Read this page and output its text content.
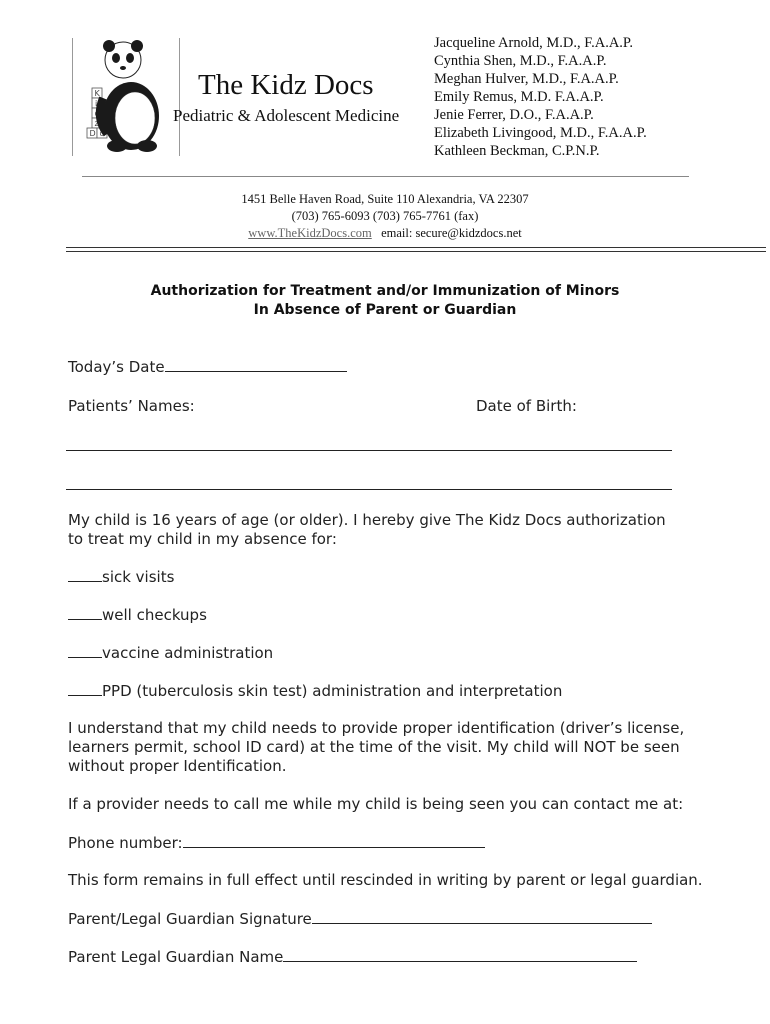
K
i
d
z
D o
The Kidz Docs
Pediatric & Adolescent Medicine
Jacqueline Arnold, M.D., F.A.A.P.
Cynthia Shen, M.D., F.A.A.P.
Meghan Hulver, M.D., F.A.A.P.
Emily Remus, M.D. F.A.A.P.
Jenie Ferrer, D.O., F.A.A.P.
Elizabeth Livingood, M.D., F.A.A.P.
Kathleen Beckman, C.P.N.P.
1451 Belle Haven Road, Suite 110 Alexandria, VA 22307
(703) 765-6093 (703) 765-7761 (fax)
www.TheKidzDocs.com email: secure@kidzdocs.net
Authorization for Treatment and/or Immunization of Minors
In Absence of Parent or Guardian
Today’s Date
Patients’ Names:	Date of Birth:
My child is 16 years of age (or older). I hereby give The Kidz Docs authorization to treat my child in my absence for:
sick visits
well checkups
vaccine administration
PPD (tuberculosis skin test) administration and interpretation
I understand that my child needs to provide proper identification (driver’s license, learners permit, school ID card) at the time of the visit. My child will NOT be seen without proper Identification.
If a provider needs to call me while my child is being seen you can contact me at:
Phone number:
This form remains in full effect until rescinded in writing by parent or legal guardian.
Parent/Legal Guardian Signature
Parent Legal Guardian Name
